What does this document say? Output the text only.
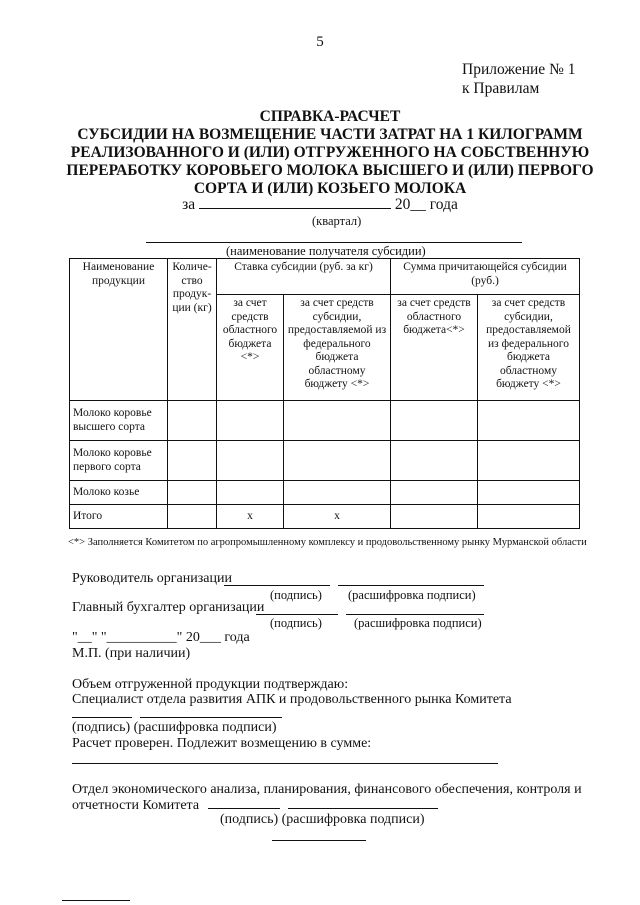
5
Приложение № 1
к Правилам
СПРАВКА-РАСЧЕТ
СУБСИДИИ НА ВОЗМЕЩЕНИЕ ЧАСТИ ЗАТРАТ НА 1 КИЛОГРАММ
РЕАЛИЗОВАННОГО И (ИЛИ) ОТГРУЖЕННОГО НА СОБСТВЕННУЮ
ПЕРЕРАБОТКУ КОРОВЬЕГО МОЛОКА ВЫСШЕГО И (ИЛИ) ПЕРВОГО
СОРТА И (ИЛИ) КОЗЬЕГО МОЛОКА
за	20__ года
(квартал)
(наименование получателя субсидии)
Наименование продукции	Количе-ство продук-ции (кг)	Ставка субсидии (руб. за кг)		Сумма причитающейся субсидии (руб.)	
		за счет средств областного бюджета <*>	за счет средств субсидии, предоставляемой из федерального бюджета областному бюджету <*>	за счет средств областного бюджета<*>	за счет средств субсидии, предоставляемой из федерального бюджета областному бюджету <*>
Молоко коровье высшего сорта					
Молоко коровье первого сорта					
Молоко козье					
Итого		x	x		
<*> Заполняется Комитетом по агропромышленному комплексу и продовольственному рынку Мурманской области
Руководитель организации
(подпись) (расшифровка подписи)
Главный бухгалтер организации
(подпись)	(расшифровка подписи)
"__" "__________" 20___ года
М.П. (при наличии)
Объем отгруженной продукции подтверждаю:
Специалист отдела развития АПК и продовольственного рынка Комитета
(подпись) (расшифровка подписи)
Расчет проверен. Подлежит возмещению в сумме:
Отдел экономического анализа, планирования, финансового обеспечения, контроля и
отчетности Комитета
(подпись) (расшифровка подписи)
